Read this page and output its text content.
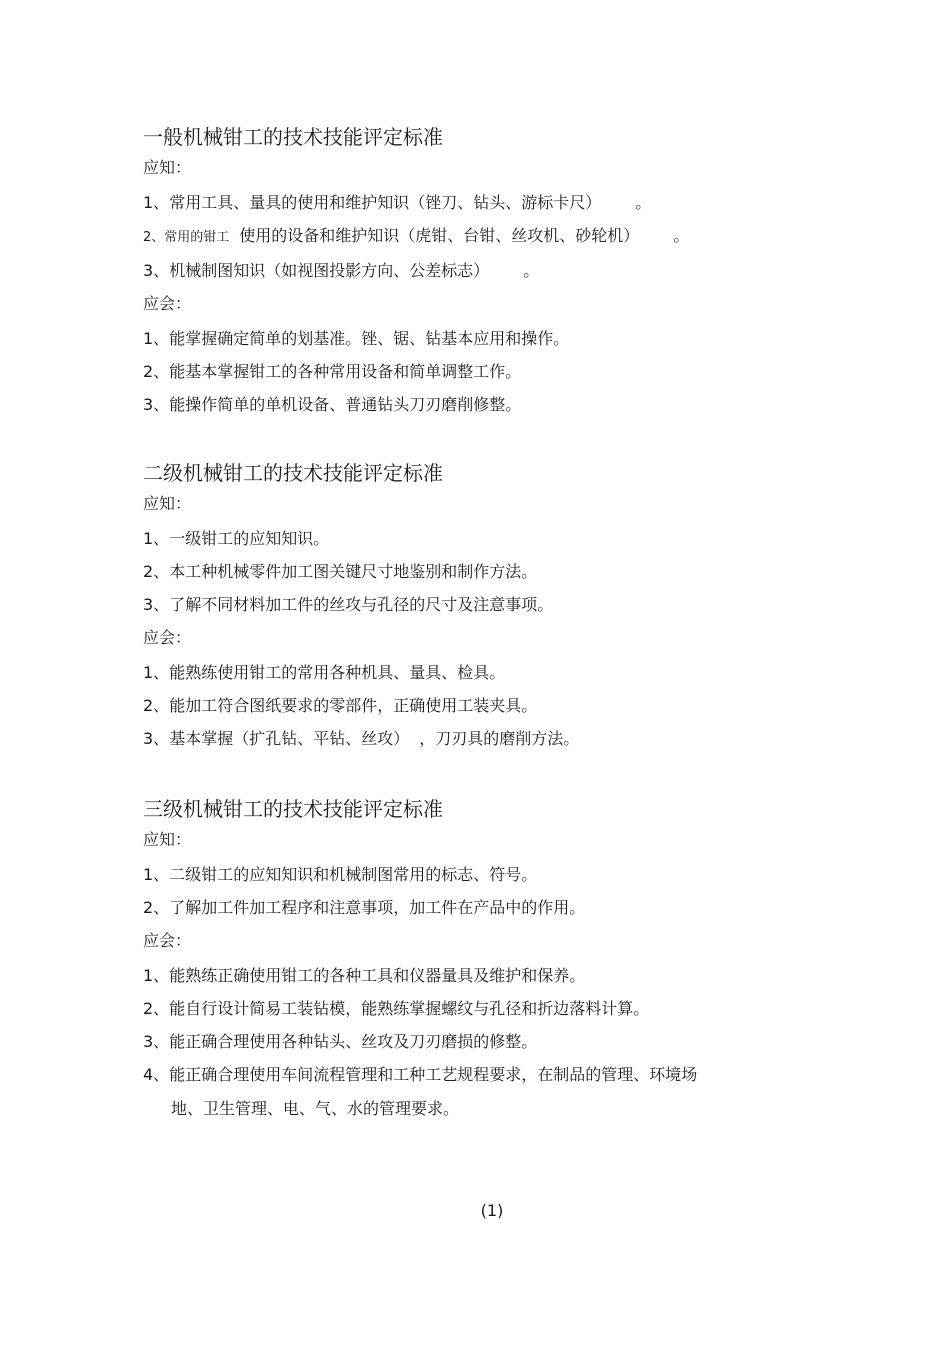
一般机械钳工的技术技能评定标准
应知：
1、常用工具、量具的使用和维护知识（锉刀、钻头、游标卡尺） 。
2、常用的钳工 使用的设备和维护知识（虎钳、台钳、丝攻机、砂轮机） 。
3、机械制图知识（如视图投影方向、公差标志） 。
应会：
1、能掌握确定简单的划基准。锉、锯、钻基本应用和操作。
2、能基本掌握钳工的各种常用设备和简单调整工作。
3、能操作简单的单机设备、普通钻头刀刃磨削修整。
二级机械钳工的技术技能评定标准
应知：
1、一级钳工的应知知识。
2、本工种机械零件加工图关键尺寸地鉴别和制作方法。
3、了解不同材料加工件的丝攻与孔径的尺寸及注意事项。
应会：
1、能熟练使用钳工的常用各种机具、量具、检具。
2、能加工符合图纸要求的零部件，正确使用工装夹具。
3、基本掌握（扩孔钻、平钻、丝攻） ，刀刃具的磨削方法。
三级机械钳工的技术技能评定标准
应知：
1、二级钳工的应知知识和机械制图常用的标志、符号。
2、了解加工件加工程序和注意事项，加工件在产品中的作用。
应会：
1、能熟练正确使用钳工的各种工具和仪器量具及维护和保养。
2、能自行设计简易工装钻模，能熟练掌握螺纹与孔径和折边落料计算。
3、能正确合理使用各种钻头、丝攻及刀刃磨损的修整。
4、能正确合理使用车间流程管理和工种工艺规程要求，在制品的管理、环境场
地、卫生管理、电、气、水的管理要求。
(1)
